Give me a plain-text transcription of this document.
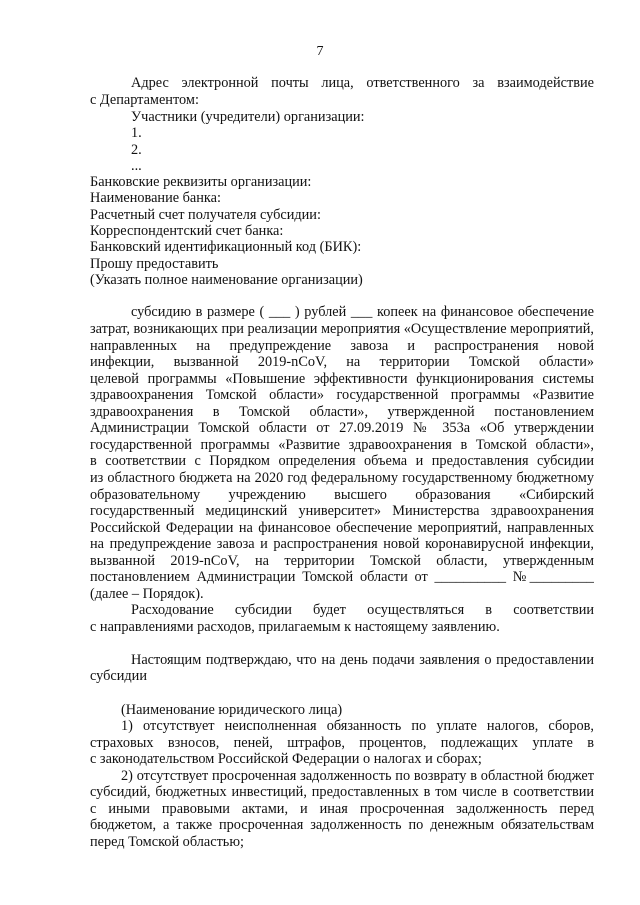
7
Адрес электронной почты лица, ответственного за взаимодействие
с Департаментом:
Участники (учредители) организации:
1.
2.
...
Банковские реквизиты организации:
Наименование банка:
Расчетный счет получателя субсидии:
Корреспондентский счет банка:
Банковский идентификационный код (БИК):
Прошу предоставить
(Указать полное наименование организации)
субсидию в размере ( ___ ) рублей ___ копеек на финансовое обеспечение
затрат, возникающих при реализации мероприятия «Осуществление мероприятий,
направленных на предупреждение завоза и распространения новой
инфекции, вызванной 2019-nCoV, на территории Томской области»
целевой программы «Повышение эффективности функционирования системы
здравоохранения Томской области» государственной программы «Развитие
здравоохранения в Томской области», утвержденной постановлением
Администрации Томской области от 27.09.2019 № 353а «Об утверждении
государственной программы «Развитие здравоохранения в Томской области»,
в соответствии с Порядком определения объема и предоставления субсидии
из областного бюджета на 2020 год федеральному государственному бюджетному
образовательному учреждению высшего образования «Сибирский
государственный медицинский университет» Министерства здравоохранения
Российской Федерации на финансовое обеспечение мероприятий, направленных
на предупреждение завоза и распространения новой коронавирусной инфекции,
вызванной 2019-nCoV, на территории Томской области, утвержденным
постановлением Администрации Томской области от __________ №_________
(далее – Порядок).
Расходование субсидии будет осуществляться в соответствии
с направлениями расходов, прилагаемым к настоящему заявлению.
Настоящим подтверждаю, что на день подачи заявления о предоставлении
субсидии
(Наименование юридического лица)
1) отсутствует неисполненная обязанность по уплате налогов, сборов,
страховых взносов, пеней, штрафов, процентов, подлежащих уплате в
с законодательством Российской Федерации о налогах и сборах;
2) отсутствует просроченная задолженность по возврату в областной бюджет
субсидий, бюджетных инвестиций, предоставленных в том числе в соответствии
с иными правовыми актами, и иная просроченная задолженность перед
бюджетом, а также просроченная задолженность по денежным обязательствам
перед Томской областью;
